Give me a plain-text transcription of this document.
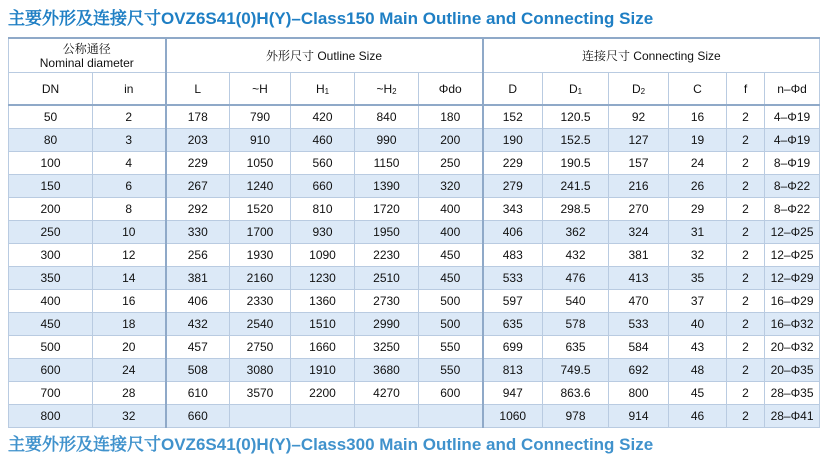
主要外形及连接尺寸OVZ6S41(0)H(Y)–Class150 Main Outline and Connecting Size
公称通径
Nominal diameter		外形尺寸 Outline Size					连接尺寸 Connecting Size					
DN	in	L	~H	$H_1$	$\sim H_2$	Φdo	D	$D_1$	$D_2$	C	f	n–Φd
50	2	178	790	420	840	180	152	120.5	92	16	2	4–Φ19
80	3	203	910	460	990	200	190	152.5	127	19	2	4–Φ19
100	4	229	1050	560	1150	250	229	190.5	157	24	2	8–Φ19
150	6	267	1240	660	1390	320	279	241.5	216	26	2	8–Φ22
200	8	292	1520	810	1720	400	343	298.5	270	29	2	8–Φ22
250	10	330	1700	930	1950	400	406	362	324	31	2	12–Φ25
300	12	256	1930	1090	2230	450	483	432	381	32	2	12–Φ25
350	14	381	2160	1230	2510	450	533	476	413	35	2	12–Φ29
400	16	406	2330	1360	2730	500	597	540	470	37	2	16–Φ29
450	18	432	2540	1510	2990	500	635	578	533	40	2	16–Φ32
500	20	457	2750	1660	3250	550	699	635	584	43	2	20–Φ32
600	24	508	3080	1910	3680	550	813	749.5	692	48	2	20–Φ35
700	28	610	3570	2200	4270	600	947	863.6	800	45	2	28–Φ35
800	32	660					1060	978	914	46	2	28–Φ41
主要外形及连接尺寸OVZ6S41(0)H(Y)–Class300 Main Outline and Connecting Size
